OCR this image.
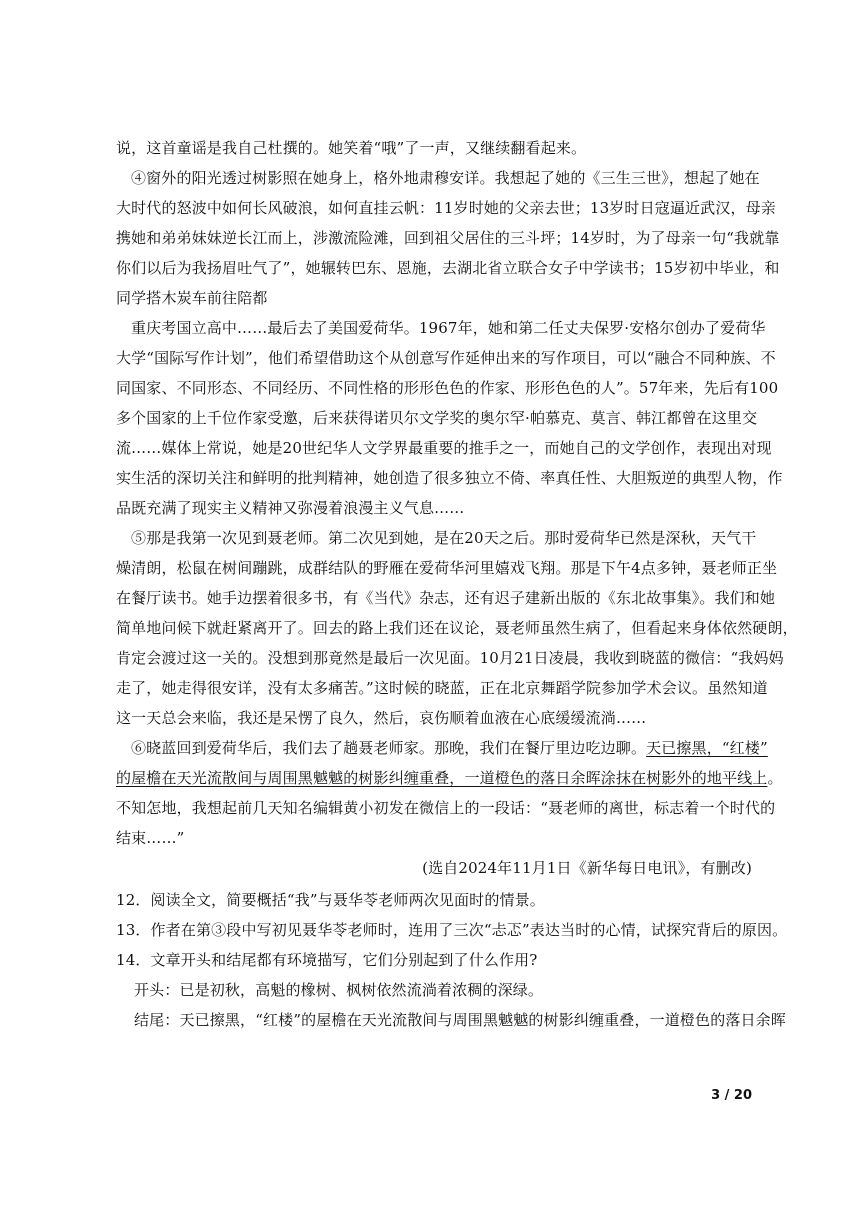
说，这首童谣是我自己杜撰的。她笑着“哦”了一声，又继续翻看起来。
④窗外的阳光透过树影照在她身上，格外地肃穆安详。我想起了她的《三生三世》，想起了她在
大时代的怒波中如何长风破浪，如何直挂云帆：11岁时她的父亲去世；13岁时日寇逼近武汉，母亲
携她和弟弟妹妹逆长江而上，涉激流险滩，回到祖父居住的三斗坪；14岁时，为了母亲一句“我就靠
你们以后为我扬眉吐气了”，她辗转巴东、恩施，去湖北省立联合女子中学读书；15岁初中毕业，和
同学搭木炭车前往陪都
重庆考国立高中……最后去了美国爱荷华。1967年，她和第二任丈夫保罗·安格尔创办了爱荷华
大学“国际写作计划”，他们希望借助这个从创意写作延伸出来的写作项目，可以“融合不同种族、不
同国家、不同形态、不同经历、不同性格的形形色色的作家、形形色色的人”。57年来，先后有100
多个国家的上千位作家受邀，后来获得诺贝尔文学奖的奥尔罕·帕慕克、莫言、韩江都曾在这里交
流……媒体上常说，她是20世纪华人文学界最重要的推手之一，而她自己的文学创作，表现出对现
实生活的深切关注和鲜明的批判精神，她创造了很多独立不倚、率真任性、大胆叛逆的典型人物，作
品既充满了现实主义精神又弥漫着浪漫主义气息……
⑤那是我第一次见到聂老师。第二次见到她，是在20天之后。那时爱荷华已然是深秋，天气干
燥清朗，松鼠在树间蹦跳，成群结队的野雁在爱荷华河里嬉戏飞翔。那是下午4点多钟，聂老师正坐
在餐厅读书。她手边摆着很多书，有《当代》杂志，还有迟子建新出版的《东北故事集》。我们和她
简单地问候下就赶紧离开了。回去的路上我们还在议论，聂老师虽然生病了，但看起来身体依然硬朗，
肯定会渡过这一关的。没想到那竟然是最后一次见面。10月21日凌晨，我收到晓蓝的微信：“我妈妈
走了，她走得很安详，没有太多痛苦。”这时候的晓蓝，正在北京舞蹈学院参加学术会议。虽然知道
这一天总会来临，我还是呆愣了良久，然后，哀伤顺着血液在心底缓缓流淌……
⑥晓蓝回到爱荷华后，我们去了趟聂老师家。那晚，我们在餐厅里边吃边聊。天已擦黑，“红楼”
的屋檐在天光流散间与周围黑魆魆的树影纠缠重叠，一道橙色的落日余晖涂抹在树影外的地平线上。
不知怎地，我想起前几天知名编辑黄小初发在微信上的一段话：“聂老师的离世，标志着一个时代的
结束……”
(选自2024年11月1日《新华每日电讯》，有删改)
12．阅读全文，简要概括“我”与聂华苓老师两次见面时的情景。
13．作者在第③段中写初见聂华苓老师时，连用了三次“忐忑”表达当时的心情，试探究背后的原因。
14．文章开头和结尾都有环境描写，它们分别起到了什么作用?
开头：已是初秋，高魁的橡树、枫树依然流淌着浓稠的深绿。
结尾：天已擦黑，“红楼”的屋檐在天光流散间与周围黑魆魆的树影纠缠重叠，一道橙色的落日余晖
3 / 20
